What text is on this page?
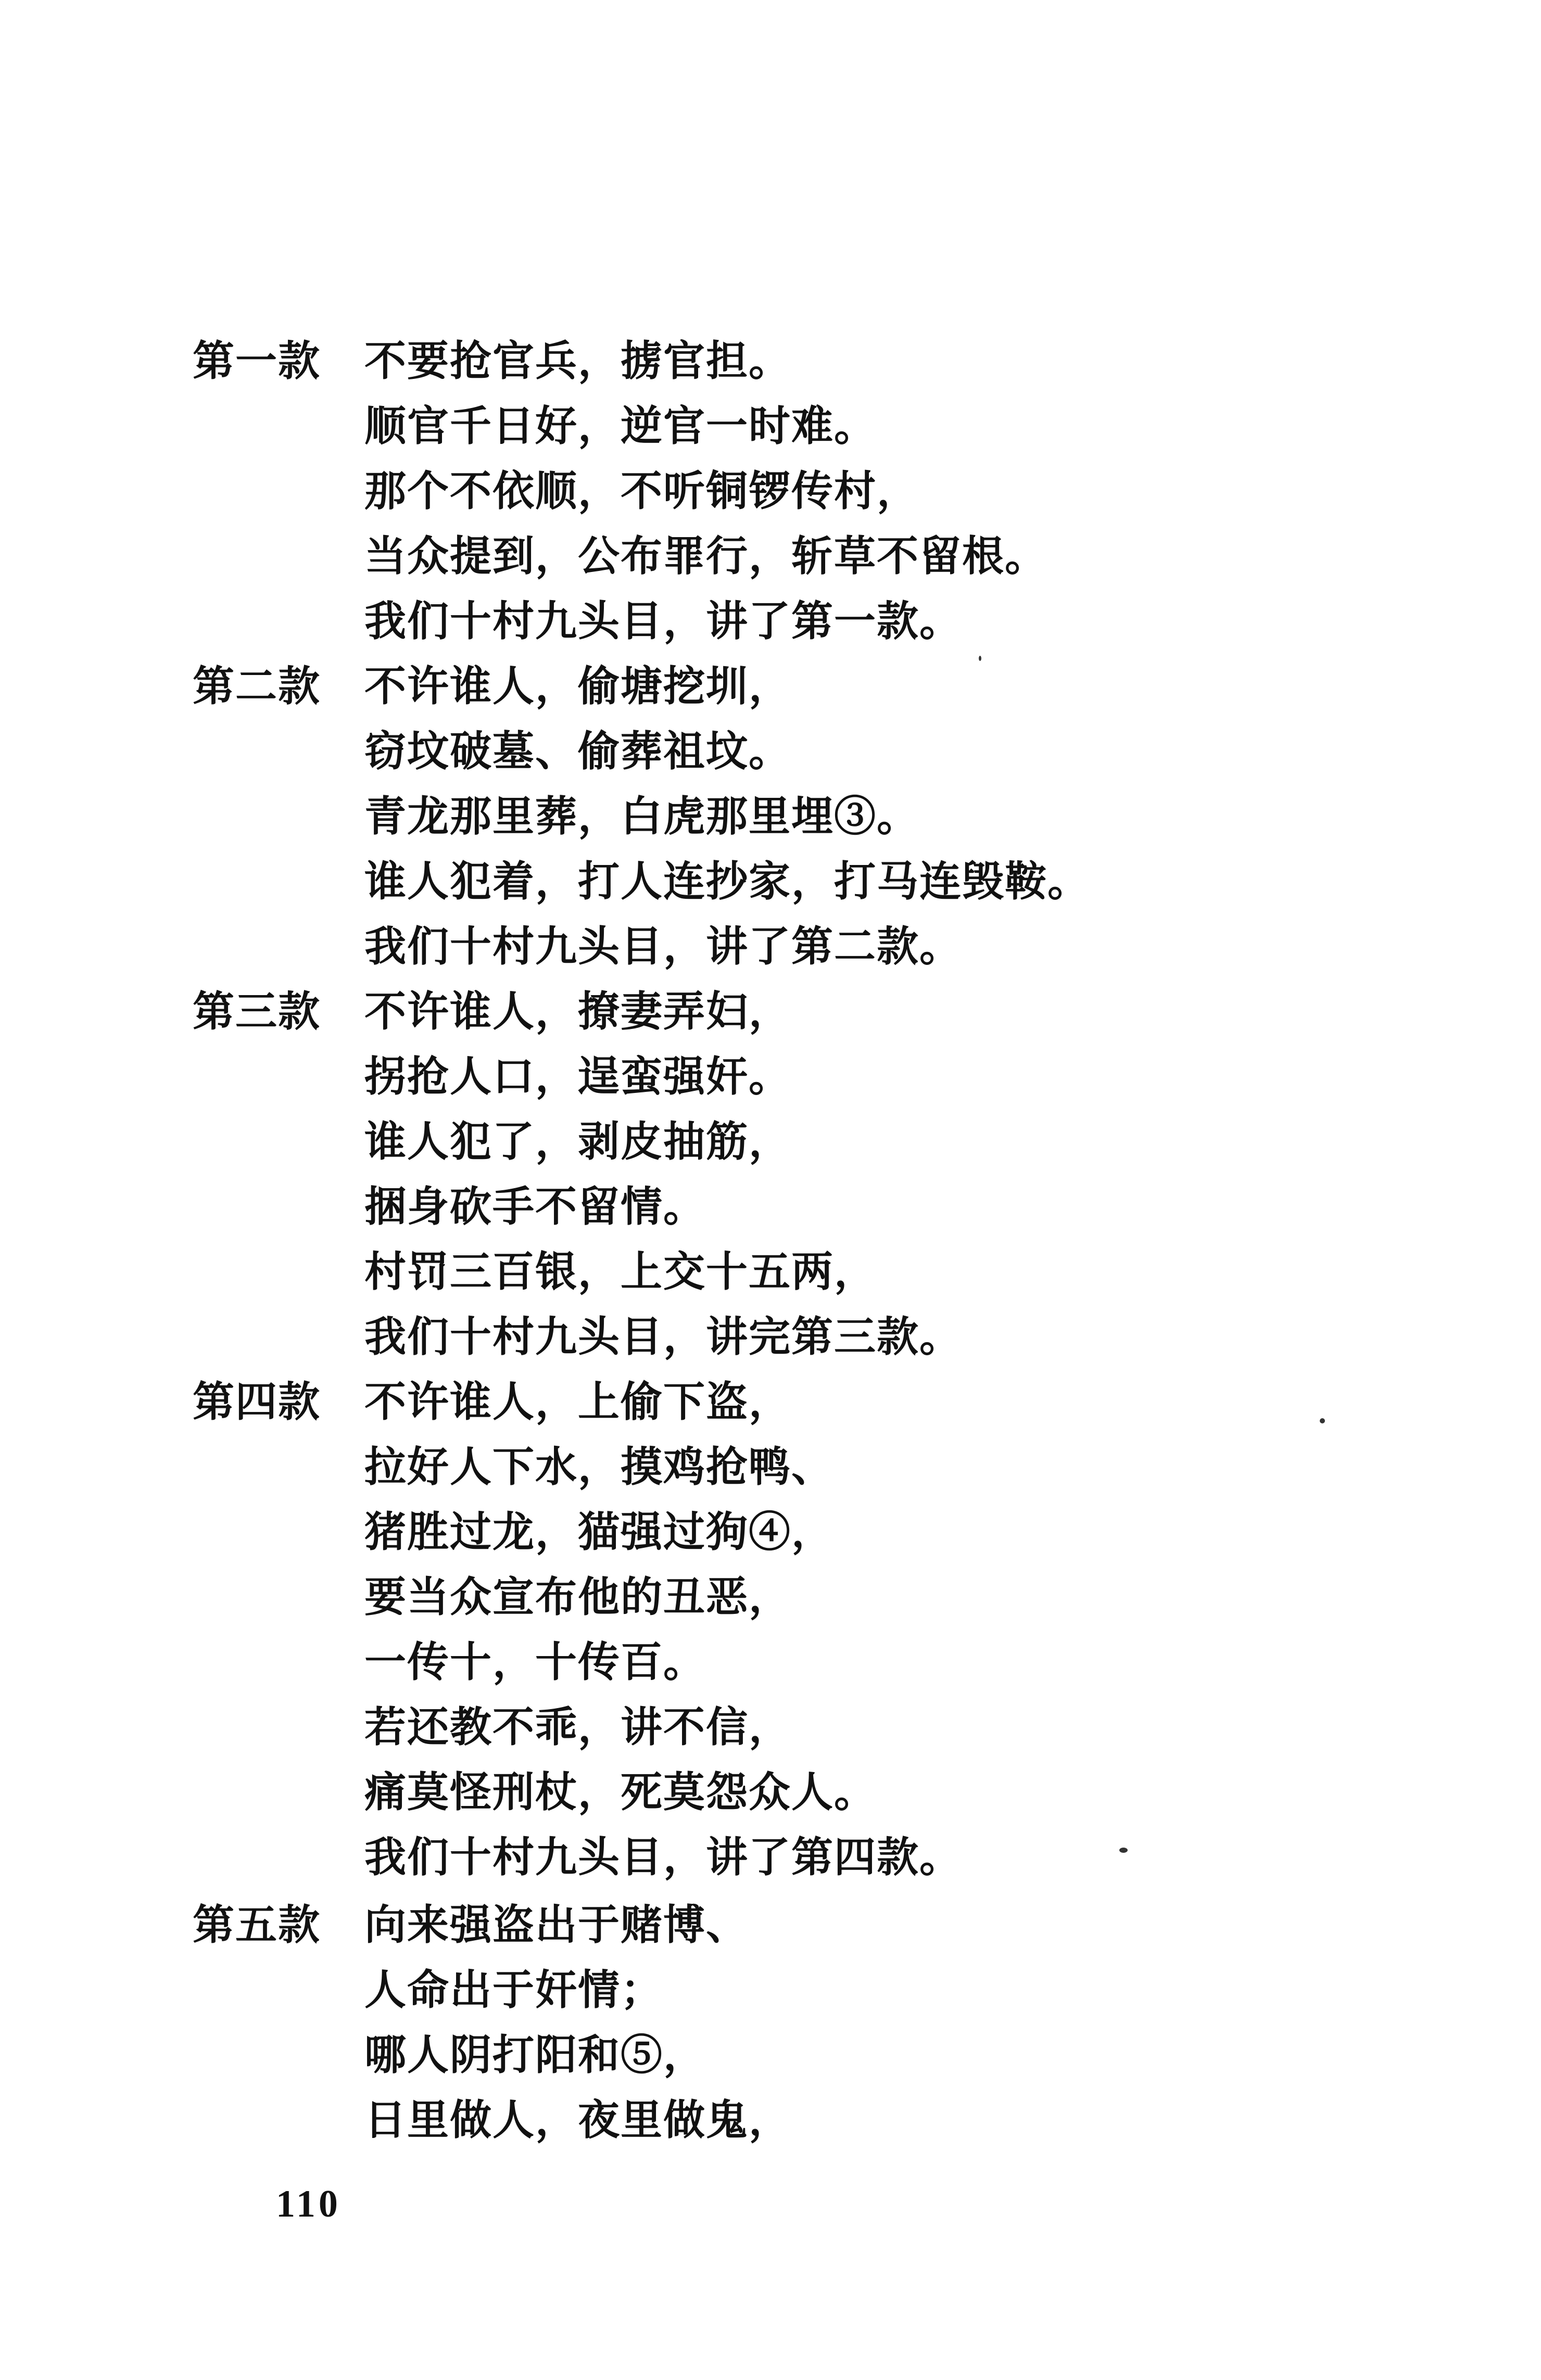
第一款 不要抢官兵，掳官担。
顺官千日好，逆官一时难。
那个不依顺，不听铜锣传村，
当众提到，公布罪行，斩草不留根。
我们十村九头目，讲了第一款。
第二款 不许谁人，偷塘挖圳，
窃坟破墓、偷葬祖坟。
青龙那里葬，白虎那里埋③。
谁人犯着，打人连抄家，打马连毁鞍。
我们十村九头目，讲了第二款。
第三款 不许谁人，撩妻弄妇，
拐抢人口，逞蛮强奸。
谁人犯了，剥皮抽筋，
捆身砍手不留情。
村罚三百银，上交十五两，
我们十村九头目，讲完第三款。
第四款 不许谁人，上偷下盗，
拉好人下水，摸鸡抢鸭、
猪胜过龙，猫强过狗④，
要当众宣布他的丑恶，
一传十，十传百。
若还教不乖，讲不信，
痛莫怪刑杖，死莫怨众人。
我们十村九头目，讲了第四款。
第五款 向来强盗出于赌博、
人命出于奸情；
哪人阴打阳和⑤，
日里做人，夜里做鬼，
110
